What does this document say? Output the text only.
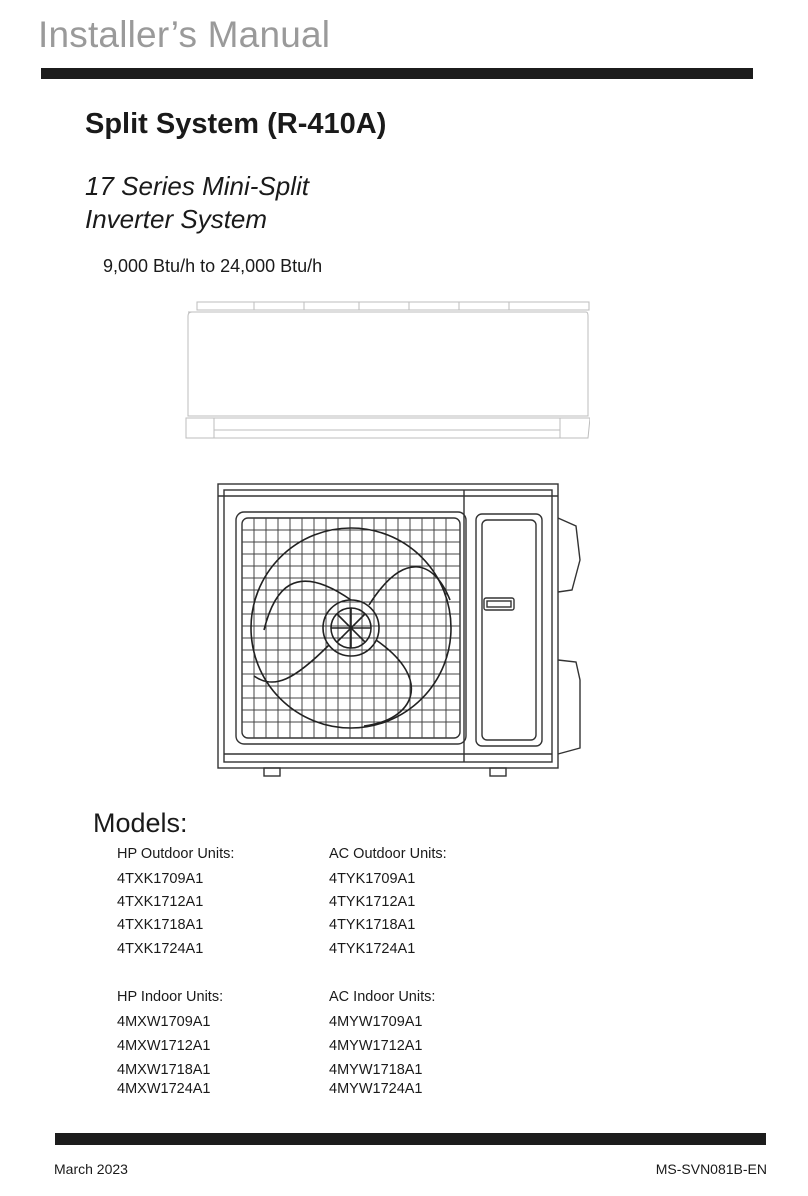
Installer’s Manual
Split System (R-410A)
17 Series Mini-Split
Inverter System
9,000 Btu/h to 24,000 Btu/h
Models:
HP Outdoor Units:
4TXK1709A1
4TXK1712A1
4TXK1718A1
4TXK1724A1
HP Indoor Units:
4MXW1709A1
4MXW1712A1
4MXW1718A1
4MXW1724A1
AC Outdoor Units:
4TYK1709A1
4TYK1712A1
4TYK1718A1
4TYK1724A1
AC Indoor Units:
4MYW1709A1
4MYW1712A1
4MYW1718A1
4MYW1724A1
March 2023	MS-SVN081B-EN
